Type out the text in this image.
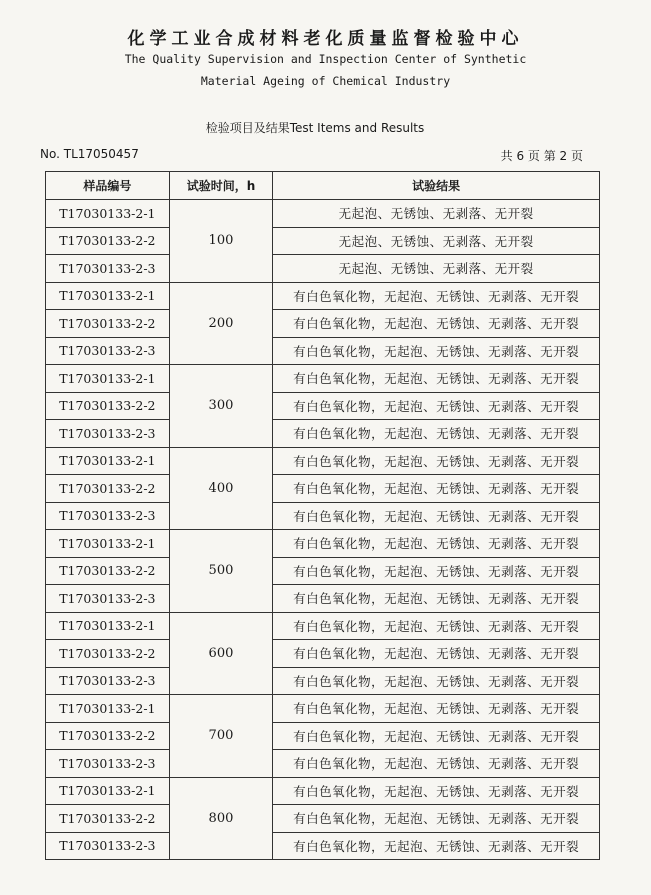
化学工业合成材料老化质量监督检验中心
The Quality Supervision and Inspection Center of Synthetic
Material Ageing of Chemical Industry
检验项目及结果Test Items and Results
No. TL17050457	共 6 页 第 2 页
样品编号	试验时间，h	试验结果
T17030133-2-1	100	无起泡、无锈蚀、无剥落、无开裂
T17030133-2-2		无起泡、无锈蚀、无剥落、无开裂
T17030133-2-3		无起泡、无锈蚀、无剥落、无开裂
T17030133-2-1	200	有白色氧化物，无起泡、无锈蚀、无剥落、无开裂
T17030133-2-2		有白色氧化物，无起泡、无锈蚀、无剥落、无开裂
T17030133-2-3		有白色氧化物，无起泡、无锈蚀、无剥落、无开裂
T17030133-2-1	300	有白色氧化物，无起泡、无锈蚀、无剥落、无开裂
T17030133-2-2		有白色氧化物，无起泡、无锈蚀、无剥落、无开裂
T17030133-2-3		有白色氧化物，无起泡、无锈蚀、无剥落、无开裂
T17030133-2-1	400	有白色氧化物，无起泡、无锈蚀、无剥落、无开裂
T17030133-2-2		有白色氧化物，无起泡、无锈蚀、无剥落、无开裂
T17030133-2-3		有白色氧化物，无起泡、无锈蚀、无剥落、无开裂
T17030133-2-1	500	有白色氧化物，无起泡、无锈蚀、无剥落、无开裂
T17030133-2-2		有白色氧化物，无起泡、无锈蚀、无剥落、无开裂
T17030133-2-3		有白色氧化物，无起泡、无锈蚀、无剥落、无开裂
T17030133-2-1	600	有白色氧化物，无起泡、无锈蚀、无剥落、无开裂
T17030133-2-2		有白色氧化物，无起泡、无锈蚀、无剥落、无开裂
T17030133-2-3		有白色氧化物，无起泡、无锈蚀、无剥落、无开裂
T17030133-2-1	700	有白色氧化物，无起泡、无锈蚀、无剥落、无开裂
T17030133-2-2		有白色氧化物，无起泡、无锈蚀、无剥落、无开裂
T17030133-2-3		有白色氧化物，无起泡、无锈蚀、无剥落、无开裂
T17030133-2-1	800	有白色氧化物，无起泡、无锈蚀、无剥落、无开裂
T17030133-2-2		有白色氧化物，无起泡、无锈蚀、无剥落、无开裂
T17030133-2-3		有白色氧化物，无起泡、无锈蚀、无剥落、无开裂
